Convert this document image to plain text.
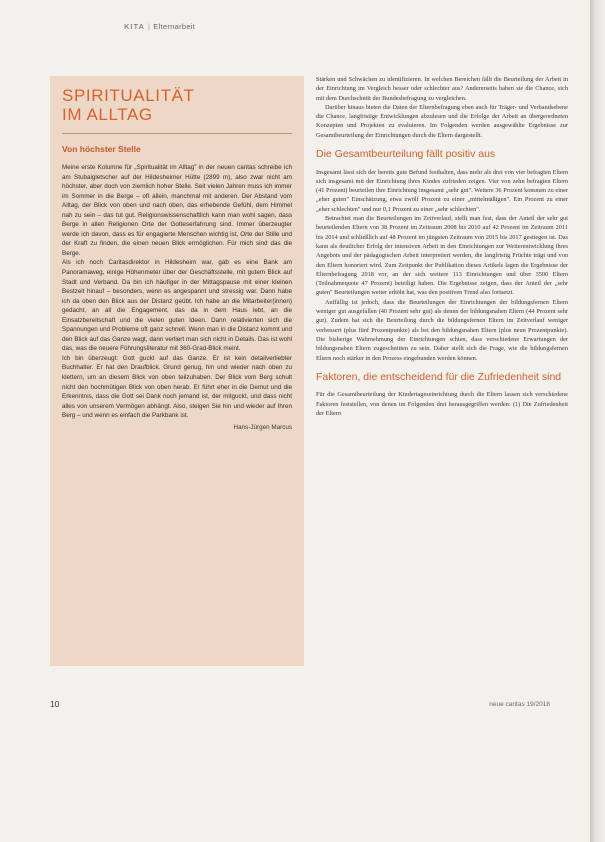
KITA | Elternarbeit
SPIRITUALITÄT
IM ALLTAG

Von höchster Stelle

Meine erste Kolumne für „Spiritualität im Alltag" in der neuen caritas schreibe ich am Stubaigletscher auf der Hildesheimer Hütte (2899 m), also zwar nicht am höchster, aber doch von ziemlich hoher Stelle. Seit vielen Jahren muss ich immer im Sommer in die Berge – oft allein, manchmal mit anderen. Der Abstand vom Alltag, der Blick von oben und nach oben, das erhebende Gefühl, dem Himmel nah zu sein – das tut gut. Religionswissenschaftlich kann man wohl sagen, dass Berge in allen Religionen Orte der Gotteserfahrung sind. Immer überzeugter werde ich davon, dass es für engagierte Menschen wichtig ist, Orte der Stille und der Kraft zu finden, die einen neuen Blick ermöglichen. Für mich sind das die Berge.

Als ich noch Caritasdirektor in Hildesheim war, gab es eine Bank am Panoramaweg, einige Höhenmeter über der Geschäftsstelle, mit gutem Blick auf Stadt und Verband. Da bin ich häufiger in der Mittagspause mit einer kleinen Bestzeit hinauf – besonders, wenn es angespannt und stressig war. Dann habe ich da oben den Blick aus der Distanz geübt. Ich habe an die Mitarbeiter(innen) gedacht, an all die Engagement, das da in dem Haus lebt, an die Einsatzbereitschaft und die vielen guten Ideen. Dann relativierten sich die Spannungen und Probleme oft ganz schnell. Wenn man in die Distanz kommt und den Blick auf das Ganze wagt, dann verliert man sich nicht in Details. Das ist wohl das, was die neuere Führungsliteratur mit 360-Grad-Blick meint.

Ich bin überzeugt: Gott guckt auf das Ganze. Er ist kein detailverliebter Buchhalter. Er hat den Draufblick. Grund genug, hin und wieder nach oben zu klettern, um an diesem Blick von oben teilzuhaben. Der Blick vom Berg schult nicht den hochmütigen Blick von oben herab. Er führt eher in die Demut und die Erkenntnis, dass die Gott sei Dank noch jemand ist, der mitguckt, und dass nicht alles von unserem Vermögen abhängt. Also, steigen Sie hin und wieder auf Ihren Berg – und wenn es einfach die Parkbank ist.

Hans-Jürgen Marcus

Stärken und Schwächen zu identifizieren. In welchen Bereichen fällt die Beurteilung der Arbeit in der Einrichtung im Vergleich besser oder schlechter aus? Andererseits haben sie die Chance, sich mit dem Durchschnitt der Bundesbefragung zu vergleichen.

Darüber hinaus bieten die Daten der Elternbefragung eben auch für Träger- und Verbandsebene die Chance, langfristige Entwicklungen abzulesen und die Erfolge der Arbeit an übergeordneten Konzepten und Projekten zu evaluieren. Im Folgenden werden ausgewählte Ergebnisse zur Gesamtbeurteilung der Einrichtungen durch die Eltern dargestellt.

Die Gesamtbeurteilung fällt positiv aus

Insgesamt lässt sich der bereits gute Befund festhalten, dass mehr als drei von vier befragten Eltern sich insgesamt mit der Einrichtung ihres Kindes zufrieden zeigen. Vier von zehn befragten Eltern (41 Prozent) beurteilen ihre Einrichtung insgesamt „sehr gut". Weitere 36 Prozent kommen zu einer „eher guten" Einschätzung, etwa zwölf Prozent zu einer „mittelmäßigen". Ein Prozent zu einer „eher schlechten" und nur 0,1 Prozent zu einer „sehr schlechten".

Betrachtet man die Beurteilungen im Zeitverlauf, stellt man fest, dass der Anteil der sehr gut beurteilenden Eltern von 38 Prozent im Zeitraum 2008 bis 2010 auf 42 Prozent im Zeitraum 2011 bis 2014 und schließlich auf 48 Prozent im jüngsten Zeitraum von 2015 bis 2017 gestiegen ist. Das kann als deutlicher Erfolg der intensiven Arbeit in den Einrichtungen zur Weiterentwicklung ihres Angebots und der pädagogischen Arbeit interpretiert werden, die langfristig Früchte trägt und von den Eltern honoriert wird. Zum Zeitpunkt der Publikation dieses Artikels lagen die Ergebnisse der Elternbefragung 2018 vor, an der sich weitere 113 Einrichtungen und über 3500 Eltern (Teilnahmequote 47 Prozent) beteiligt haben. Die Ergebnisse zeigen, dass der Anteil der „sehr guten" Beurteilungen weiter erhöht hat, was den positiven Trend also fortsetzt.

Auffällig ist jedoch, dass die Beurteilungen der Einrichtungen der bildungsfernen Eltern weniger gut ausgefallen (40 Prozent sehr gut) als denen der bildungsnahen Eltern (44 Prozent sehr gut). Zudem hat sich die Beurteilung durch die bildungsfernen Eltern im Zeitverlauf weniger verbessert (plus fünf Prozentpunkte) als bei den bildungsnahen Eltern (plus neun Prozentpunkte). Die bisherige Wahrnehmung der Einrichtungen schien, dass verschiedene Erwartungen der bildungsnahen Eltern zugeschnitten zu sein. Daher stellt sich die Frage, wie die bildungsfernen Eltern noch stärker in den Prozess eingebunden werden können.

Faktoren, die entscheidend für die Zufriedenheit sind

Für die Gesamtbeurteilung der Kindertageseinrichtung durch die Eltern lassen sich verschiedene Faktoren feststellen, von denen im Folgenden drei herausgegriffen werden: (1) Die Zufriedenheit der Eltern

10	neue caritas 19/2018
